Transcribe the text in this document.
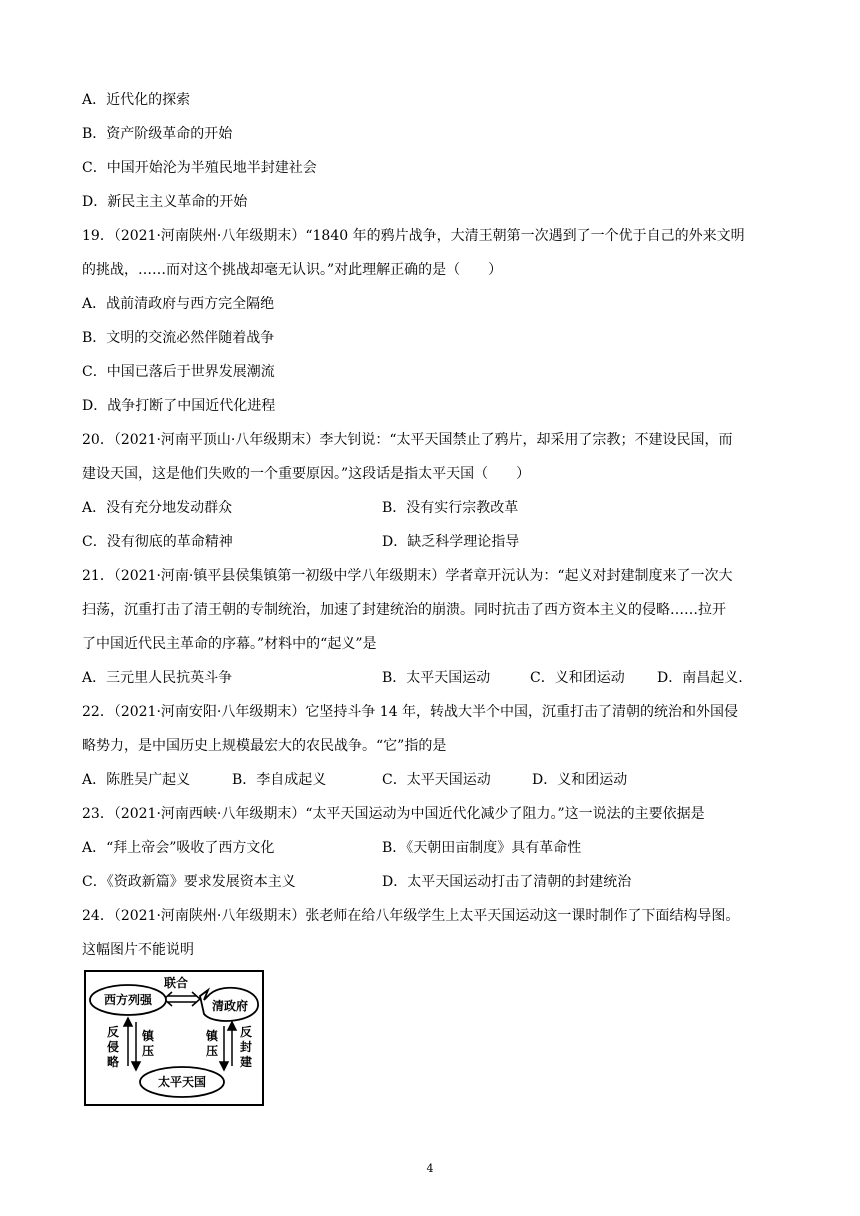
A．近代化的探索
B．资产阶级革命的开始
C．中国开始沦为半殖民地半封建社会
D．新民主主义革命的开始
19．（2021·河南陕州·八年级期末）“1840 年的鸦片战争，大清王朝第一次遇到了一个优于自己的外来文明
的挑战，……而对这个挑战却毫无认识。”对此理解正确的是（　　）
A．战前清政府与西方完全隔绝
B．文明的交流必然伴随着战争
C．中国已落后于世界发展潮流
D．战争打断了中国近代化进程
20．（2021·河南平顶山·八年级期末）李大钊说：“太平天国禁止了鸦片，却采用了宗教；不建设民国，而
建设天国，这是他们失败的一个重要原因。”这段话是指太平天国（　　）
A．没有充分地发动群众	B．没有实行宗教改革
C．没有彻底的革命精神	D．缺乏科学理论指导
21．（2021·河南·镇平县侯集镇第一初级中学八年级期末）学者章开沅认为：“起义对封建制度来了一次大
扫荡，沉重打击了清王朝的专制统治，加速了封建统治的崩溃。同时抗击了西方资本主义的侵略……拉开
了中国近代民主革命的序幕。”材料中的“起义”是
A．三元里人民抗英斗争	B．太平天国运动	C．义和团运动 D．南昌起义.
22．（2021·河南安阳·八年级期末）它坚持斗争 14 年，转战大半个中国，沉重打击了清朝的统治和外国侵
略势力，是中国历史上规模最宏大的农民战争。“它”指的是
A．陈胜吴广起义	B．李自成起义	C．太平天国运动	D．义和团运动
23．（2021·河南西峡·八年级期末）“太平天国运动为中国近代化减少了阻力。”这一说法的主要依据是
A．“拜上帝会”吸收了西方文化	B．《天朝田亩制度》具有革命性
C．《资政新篇》要求发展资本主义	D．太平天国运动打击了清朝的封建统治
24．（2021·河南陕州·八年级期末）张老师在给八年级学生上太平天国运动这一课时制作了下面结构导图。
这幅图片不能说明
联合
西方列强	清政府
太平天国
反
侵
略
镇
压
镇
压
反
封
建
4
